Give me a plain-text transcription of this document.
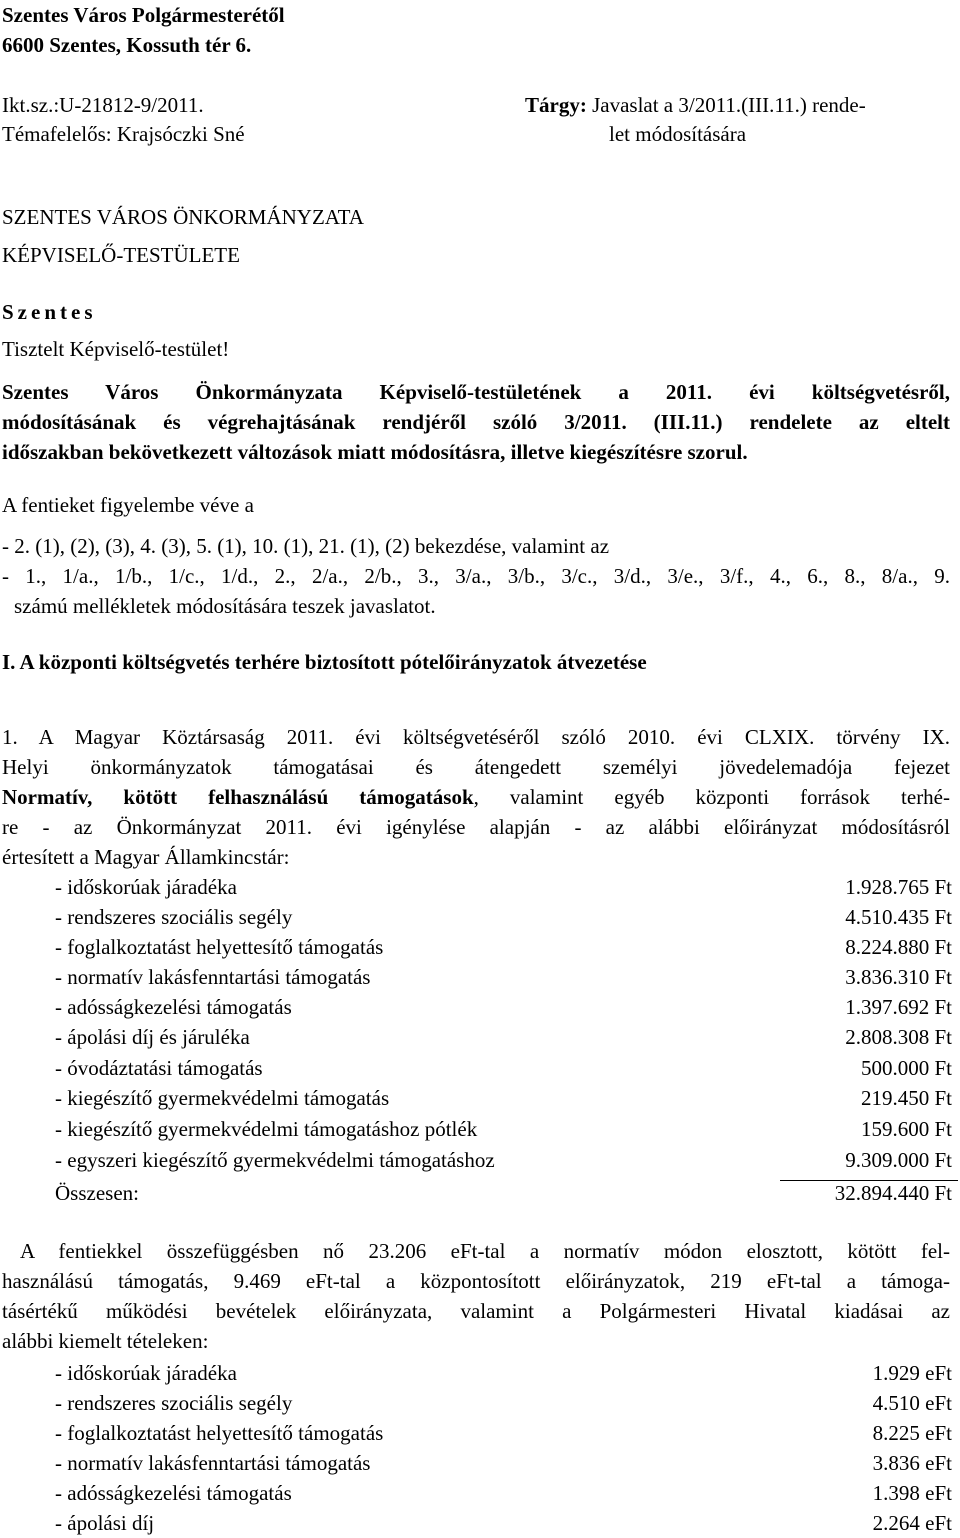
Szentes Város Polgármesterétől
6600 Szentes, Kossuth tér 6.
Ikt.sz.:U-21812-9/2011.
Témafelelős: Krajsóczki Sné
Tárgy: Javaslat a 3/2011.(III.11.) rende-
let módosítására
SZENTES VÁROS ÖNKORMÁNYZATA
KÉPVISELŐ-TESTÜLETE
Szentes
Tisztelt Képviselő-testület!
Szentes Város Önkormányzata Képviselő-testületének a 2011. évi költségvetésről,
módosításának és végrehajtásának rendjéről szóló 3/2011. (III.11.) rendelete az eltelt
időszakban bekövetkezett változások miatt módosításra, illetve kiegészítésre szorul.
A fentieket figyelembe véve a
- 2. (1), (2), (3), 4. (3), 5. (1), 10. (1), 21. (1), (2) bekezdése, valamint az
- 1., 1/a., 1/b., 1/c., 1/d., 2., 2/a., 2/b., 3., 3/a., 3/b., 3/c., 3/d., 3/e., 3/f., 4., 6., 8., 8/a., 9.
számú mellékletek módosítására teszek javaslatot.
I. A központi költségvetés terhére biztosított pótelőirányzatok átvezetése
1. A Magyar Köztársaság 2011. évi költségvetéséről szóló 2010. évi CLXIX. törvény IX.
Helyi önkormányzatok támogatásai és átengedett személyi jövedelemadója fejezet
Normatív, kötött felhasználású támogatások, valamint egyéb központi források terhé-
re - az Önkormányzat 2011. évi igénylése alapján - az alábbi előirányzat módosításról
értesített a Magyar Államkincstár:
- időskorúak járadéka	1.928.765 Ft
- rendszeres szociális segély	4.510.435 Ft
- foglalkoztatást helyettesítő támogatás	8.224.880 Ft
- normatív lakásfenntartási támogatás	3.836.310 Ft
- adósságkezelési támogatás	1.397.692 Ft
- ápolási díj és járuléka	2.808.308 Ft
- óvodáztatási támogatás	500.000 Ft
- kiegészítő gyermekvédelmi támogatás	219.450 Ft
- kiegészítő gyermekvédelmi támogatáshoz pótlék	159.600 Ft
- egyszeri kiegészítő gyermekvédelmi támogatáshoz	9.309.000 Ft
Összesen:	32.894.440 Ft
A fentiekkel összefüggésben nő 23.206 eFt-tal a normatív módon elosztott, kötött fel-
használású támogatás, 9.469 eFt-tal a központosított előirányzatok, 219 eFt-tal a támoga-
tásértékű működési bevételek előirányzata, valamint a Polgármesteri Hivatal kiadásai az
alábbi kiemelt tételeken:
- időskorúak járadéka	1.929 eFt
- rendszeres szociális segély	4.510 eFt
- foglalkoztatást helyettesítő támogatás	8.225 eFt
- normatív lakásfenntartási támogatás	3.836 eFt
- adósságkezelési támogatás	1.398 eFt
- ápolási díj	2.264 eFt
